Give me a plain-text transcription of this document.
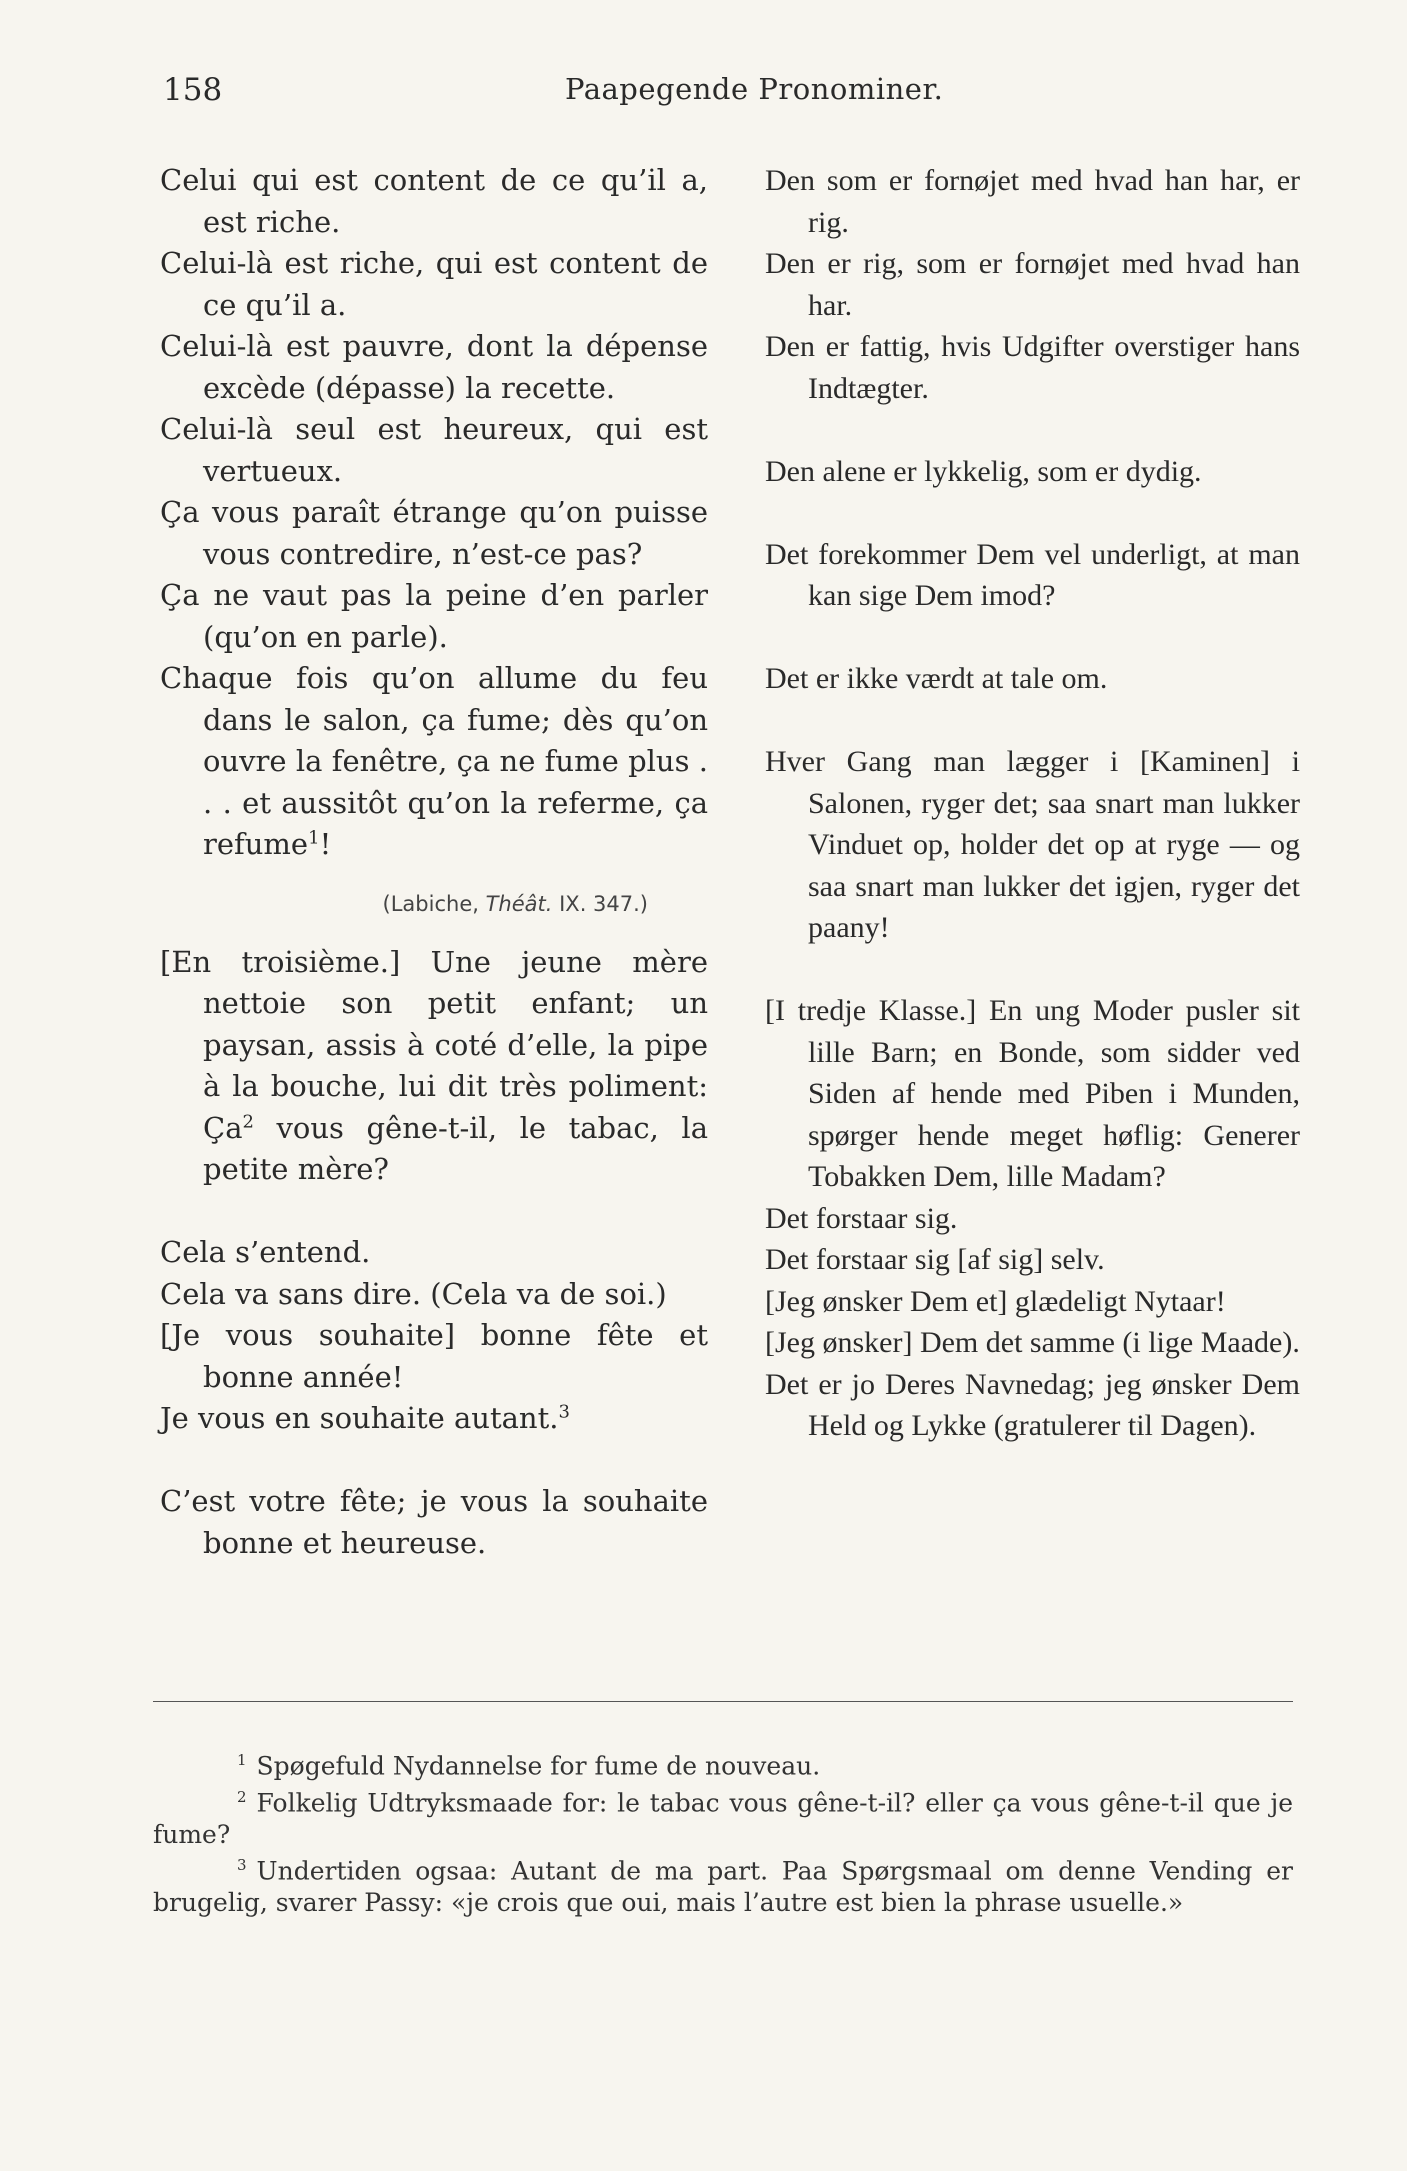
158	Paapegende Pronominer.

Celui qui est content de ce qu’il a, est riche.

Celui-là est riche, qui est content de ce qu’il a.

Celui-là est pauvre, dont la dépense excède (dépasse) la recette.

Celui-là seul est heureux, qui est vertueux.

Ça vous paraît étrange qu’on puisse vous contredire, n’est-ce pas?

Ça ne vaut pas la peine d’en parler (qu’on en parle).

Chaque fois qu’on allume du feu dans le salon, ça fume; dès qu’on ouvre la fenêtre, ça ne fume plus . . . et aussitôt qu’on la referme, ça refume$^1$!

(Labiche, Théât. IX. 347.)

[En troisième.] Une jeune mère nettoie son petit enfant; un paysan, assis à coté d’elle, la pipe à la bouche, lui dit très poliment: $Ça^2$ vous gêne-t-il, le tabac, la petite mère?

Cela s’entend.

Cela va sans dire. (Cela va de soi.)

[Je vous souhaite] bonne fête et bonne année!

Je vous en souhaite autant.$^3$

C’est votre fête; je vous la souhaite bonne et heureuse.

Den som er fornøjet med hvad han har, er rig.

Den er rig, som er fornøjet med hvad han har.

Den er fattig, hvis Udgifter overstiger hans Indtægter.

Den alene er lykkelig, som er dydig.

Det forekommer Dem vel underligt, at man kan sige Dem imod?

Det er ikke værdt at tale om.

Hver Gang man lægger i [Kaminen] i Salonen, ryger det; saa snart man lukker Vinduet op, holder det op at ryge — og saa snart man lukker det igjen, ryger det paany!

[I tredje Klasse.] En ung Moder pusler sit lille Barn; en Bonde, som sidder ved Siden af hende med Piben i Munden, spørger hende meget høflig: Generer Tobakken Dem, lille Madam?

Det forstaar sig.

Det forstaar sig [af sig] selv.

[Jeg ønsker Dem et] glædeligt Nytaar!

[Jeg ønsker] Dem det samme (i lige Maade).

Det er jo Deres Navnedag; jeg ønsker Dem Held og Lykke (gratulerer til Dagen).

$^1$ Spøgefuld Nydannelse for fume de nouveau.

$^2$ Folkelig Udtryksmaade for: le tabac vous gêne-t-il? eller ça vous gêne-t-il que je fume?

$^3$ Undertiden ogsaa: Autant de ma part. Paa Spørgsmaal om denne Vending er brugelig, svarer Passy: «je crois que oui, mais l’autre est bien la phrase usuelle.»
